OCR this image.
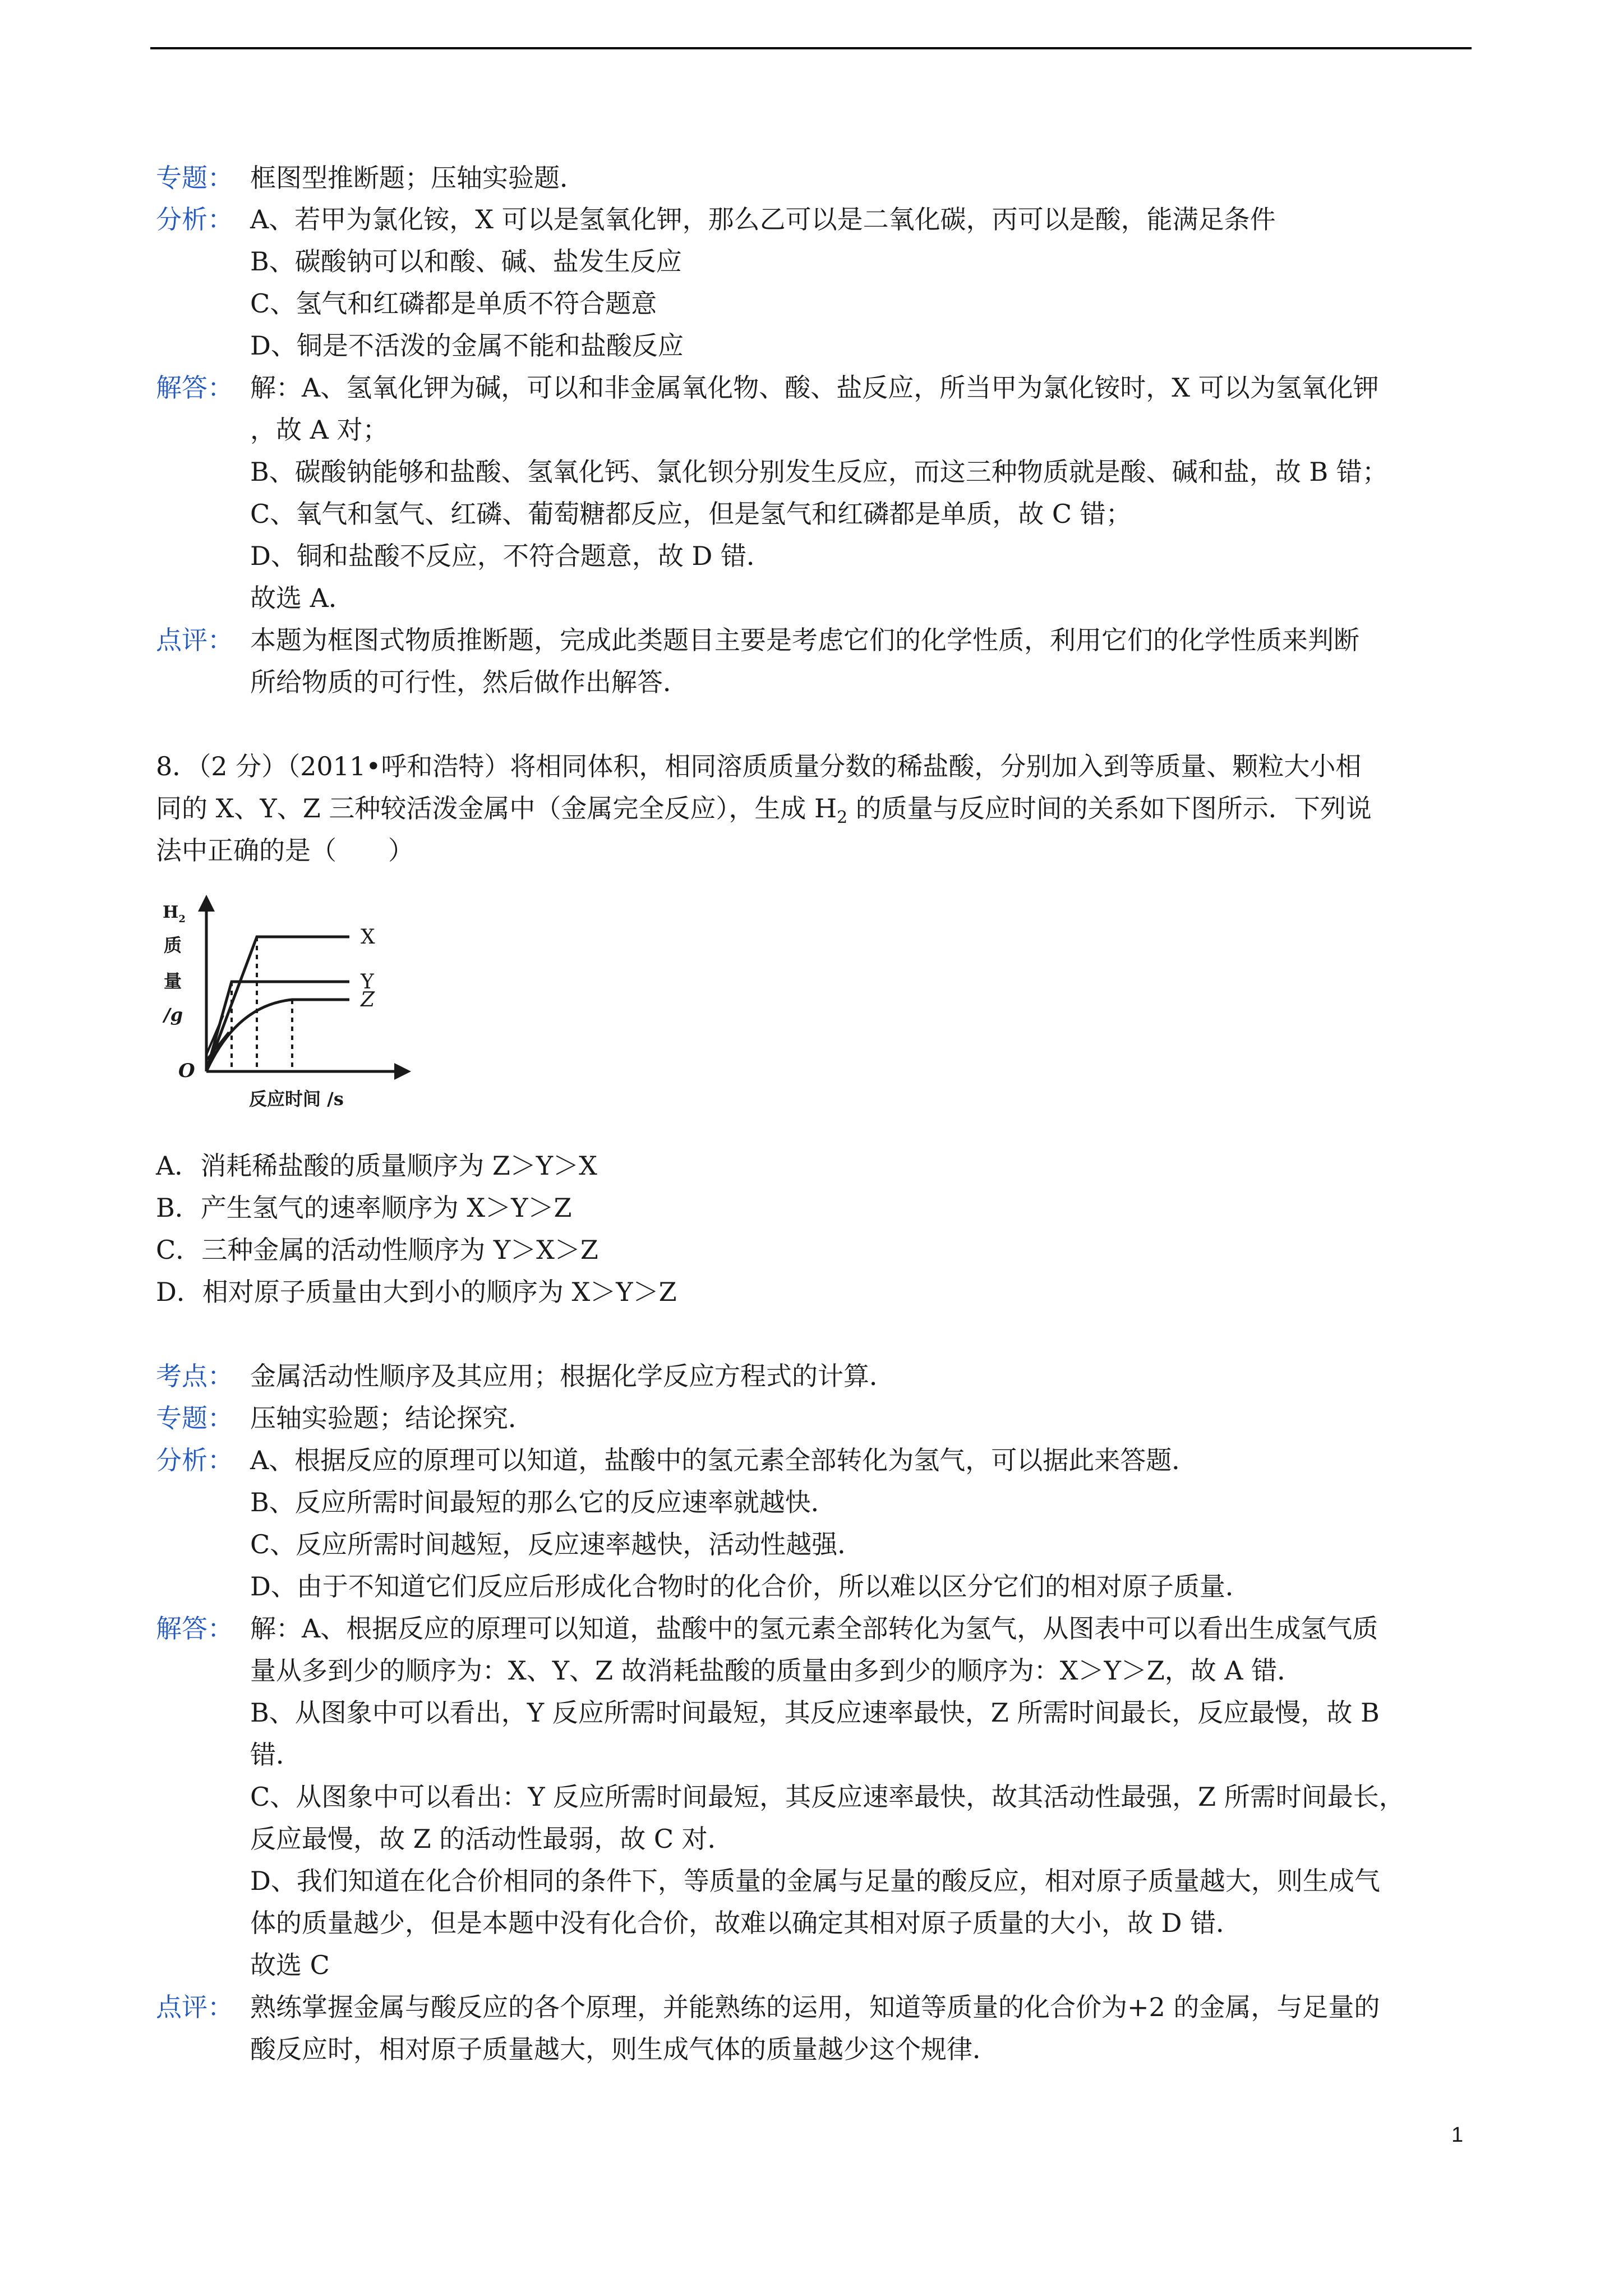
专题： 框图型推断题；压轴实验题．
分析： A、若甲为氯化铵，X 可以是氢氧化钾，那么乙可以是二氧化碳，丙可以是酸，能满足条件
B、碳酸钠可以和酸、碱、盐发生反应
C、氢气和红磷都是单质不符合题意
D、铜是不活泼的金属不能和盐酸反应
解答： 解：A、氢氧化钾为碱，可以和非金属氧化物、酸、盐反应，所当甲为氯化铵时，X 可以为氢氧化钾
，故 A 对；
B、碳酸钠能够和盐酸、氢氧化钙、氯化钡分别发生反应，而这三种物质就是酸、碱和盐，故 B 错；
C、氧气和氢气、红磷、葡萄糖都反应，但是氢气和红磷都是单质，故 C 错；
D、铜和盐酸不反应，不符合题意，故 D 错．
故选 A．
点评： 本题为框图式物质推断题，完成此类题目主要是考虑它们的化学性质，利用它们的化学性质来判断
所给物质的可行性，然后做作出解答．
8．（2 分）（2011•呼和浩特）将相同体积，相同溶质质量分数的稀盐酸，分别加入到等质量、颗粒大小相
同的 X、Y、Z 三种较活泼金属中（金属完全反应），生成 $H_2$ 的质量与反应时间的关系如下图所示．下列说
法中正确的是（　　）
$H_2$
质
量
/g
O
反应时间 /s
X
Y
Z
A．消耗稀盐酸的质量顺序为 Z＞Y＞X
B．产生氢气的速率顺序为 X＞Y＞Z
C．三种金属的活动性顺序为 Y＞X＞Z
D．相对原子质量由大到小的顺序为 X＞Y＞Z
考点： 金属活动性顺序及其应用；根据化学反应方程式的计算．
专题： 压轴实验题；结论探究．
分析： A、根据反应的原理可以知道，盐酸中的氢元素全部转化为氢气，可以据此来答题．
B、反应所需时间最短的那么它的反应速率就越快．
C、反应所需时间越短，反应速率越快，活动性越强．
D、由于不知道它们反应后形成化合物时的化合价，所以难以区分它们的相对原子质量．
解答： 解：A、根据反应的原理可以知道，盐酸中的氢元素全部转化为氢气，从图表中可以看出生成氢气质
量从多到少的顺序为：X、Y、Z 故消耗盐酸的质量由多到少的顺序为：X＞Y＞Z，故 A 错．
B、从图象中可以看出，Y 反应所需时间最短，其反应速率最快，Z 所需时间最长，反应最慢，故 B
错．
C、从图象中可以看出：Y 反应所需时间最短，其反应速率最快，故其活动性最强，Z 所需时间最长，
反应最慢，故 Z 的活动性最弱，故 C 对．
D、我们知道在化合价相同的条件下，等质量的金属与足量的酸反应，相对原子质量越大，则生成气
体的质量越少，但是本题中没有化合价，故难以确定其相对原子质量的大小，故 D 错．
故选 C
点评： 熟练掌握金属与酸反应的各个原理，并能熟练的运用，知道等质量的化合价为+2 的金属，与足量的
酸反应时，相对原子质量越大，则生成气体的质量越少这个规律．
1
